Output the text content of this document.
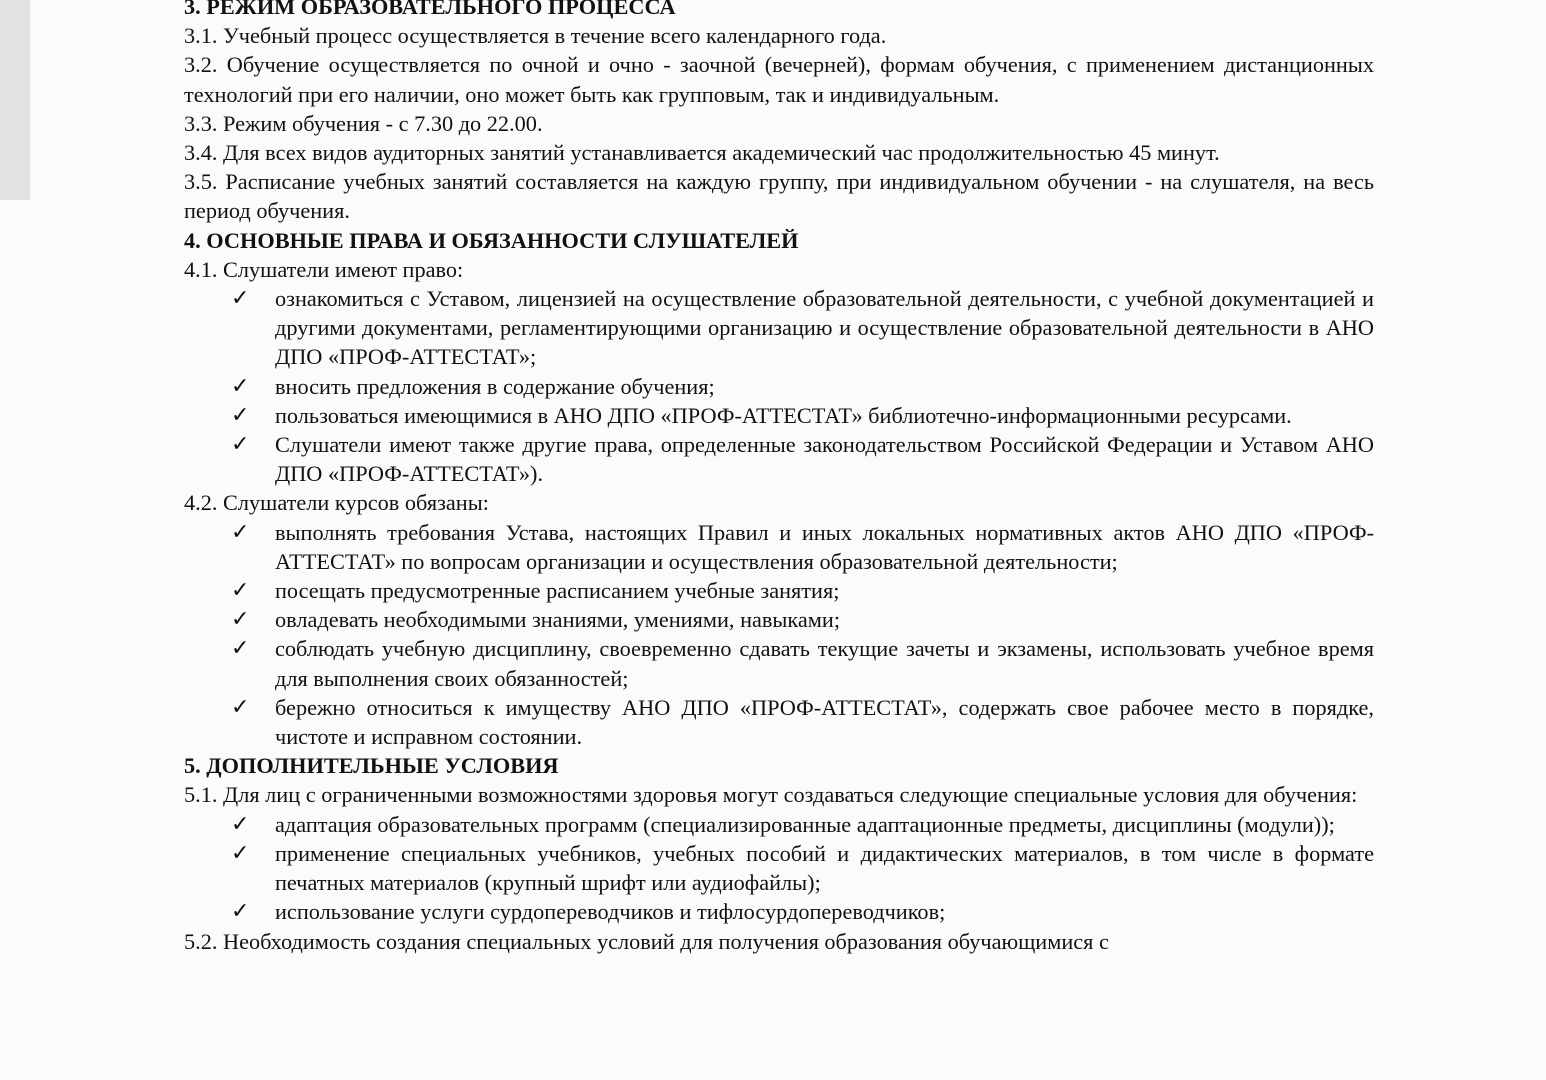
3. РЕЖИМ ОБРАЗОВАТЕЛЬНОГО ПРОЦЕССА
3.1. Учебный процесс осуществляется в течение всего календарного года.
3.2. Обучение осуществляется по очной и очно - заочной (вечерней), формам обучения, с применением дистанционных технологий при его наличии, оно может быть как групповым, так и индивидуальным.
3.3. Режим обучения - с 7.30 до 22.00.
3.4. Для всех видов аудиторных занятий устанавливается академический час продолжительностью 45 минут.
3.5. Расписание учебных занятий составляется на каждую группу, при индивидуальном обучении - на слушателя, на весь период обучения.
4. ОСНОВНЫЕ ПРАВА И ОБЯЗАННОСТИ СЛУШАТЕЛЕЙ
4.1. Слушатели имеют право:
✓ ознакомиться с Уставом, лицензией на осуществление образовательной деятельности, с учебной документацией и другими документами, регламентирующими организацию и осуществление образовательной деятельности в АНО ДПО «ПРОФ-АТТЕСТАТ»;
✓ вносить предложения в содержание обучения;
✓ пользоваться имеющимися в АНО ДПО «ПРОФ-АТТЕСТАТ» библиотечно-информационными ресурсами.
✓ Слушатели имеют также другие права, определенные законодательством Российской Федерации и Уставом АНО ДПО «ПРОФ-АТТЕСТАТ»).
4.2. Слушатели курсов обязаны:
✓ выполнять требования Устава, настоящих Правил и иных локальных нормативных актов АНО ДПО «ПРОФ-АТТЕСТАТ» по вопросам организации и осуществления образовательной деятельности;
✓ посещать предусмотренные расписанием учебные занятия;
✓ овладевать необходимыми знаниями, умениями, навыками;
✓ соблюдать учебную дисциплину, своевременно сдавать текущие зачеты и экзамены, использовать учебное время для выполнения своих обязанностей;
✓ бережно относиться к имуществу АНО ДПО «ПРОФ-АТТЕСТАТ», содержать свое рабочее место в порядке, чистоте и исправном состоянии.
5. ДОПОЛНИТЕЛЬНЫЕ УСЛОВИЯ
5.1. Для лиц с ограниченными возможностями здоровья могут создаваться следующие специальные условия для обучения:
✓ адаптация образовательных программ (специализированные адаптационные предметы, дисциплины (модули));
✓ применение специальных учебников, учебных пособий и дидактических материалов, в том числе в формате печатных материалов (крупный шрифт или аудиофайлы);
✓ использование услуги сурдопереводчиков и тифлосурдопереводчиков;
5.2. Необходимость создания специальных условий для получения образования обучающимися с
